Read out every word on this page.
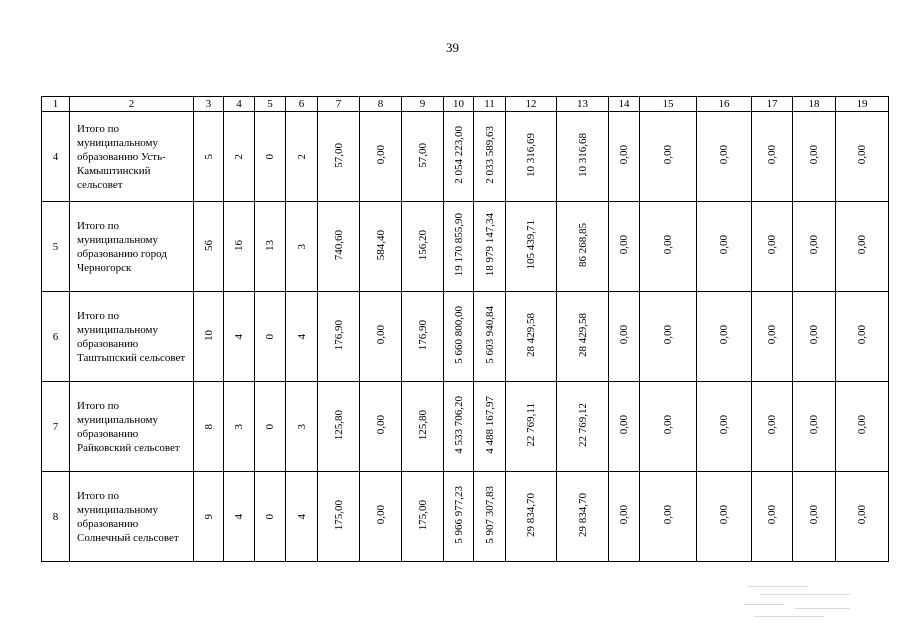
39
1	2	3	4	5	6	7	8	9	10	11	12	13	14	15	16	17	18	19
4	Итого по муниципальному образованию Усть-Камыштинский сельсовет	5	2	0	2	57,00	0,00	57,00	2 054 223,00	2 033 589,63	10 316,69	10 316,68	0,00	0,00	0,00	0,00	0,00	0,00
5	Итого по муниципальному образованию город Черногорск	56	16	13	3	740,60	584,40	156,20	19 170 855,90	18 979 147,34	105 439,71	86 268,85	0,00	0,00	0,00	0,00	0,00	0,00
6	Итого по муниципальному образованию Таштыпский сельсовет	10	4	0	4	176,90	0,00	176,90	5 660 800,00	5 603 940,84	28 429,58	28 429,58	0,00	0,00	0,00	0,00	0,00	0,00
7	Итого по муниципальному образованию Райковский сельсовет	8	3	0	3	125,80	0,00	125,80	4 533 706,20	4 488 167,97	22 769,11	22 769,12	0,00	0,00	0,00	0,00	0,00	0,00
8	Итого по муниципальному образованию Солнечный сельсовет	9	4	0	4	175,00	0,00	175,00	5 966 977,23	5 907 307,83	29 834,70	29 834,70	0,00	0,00	0,00	0,00	0,00	0,00
